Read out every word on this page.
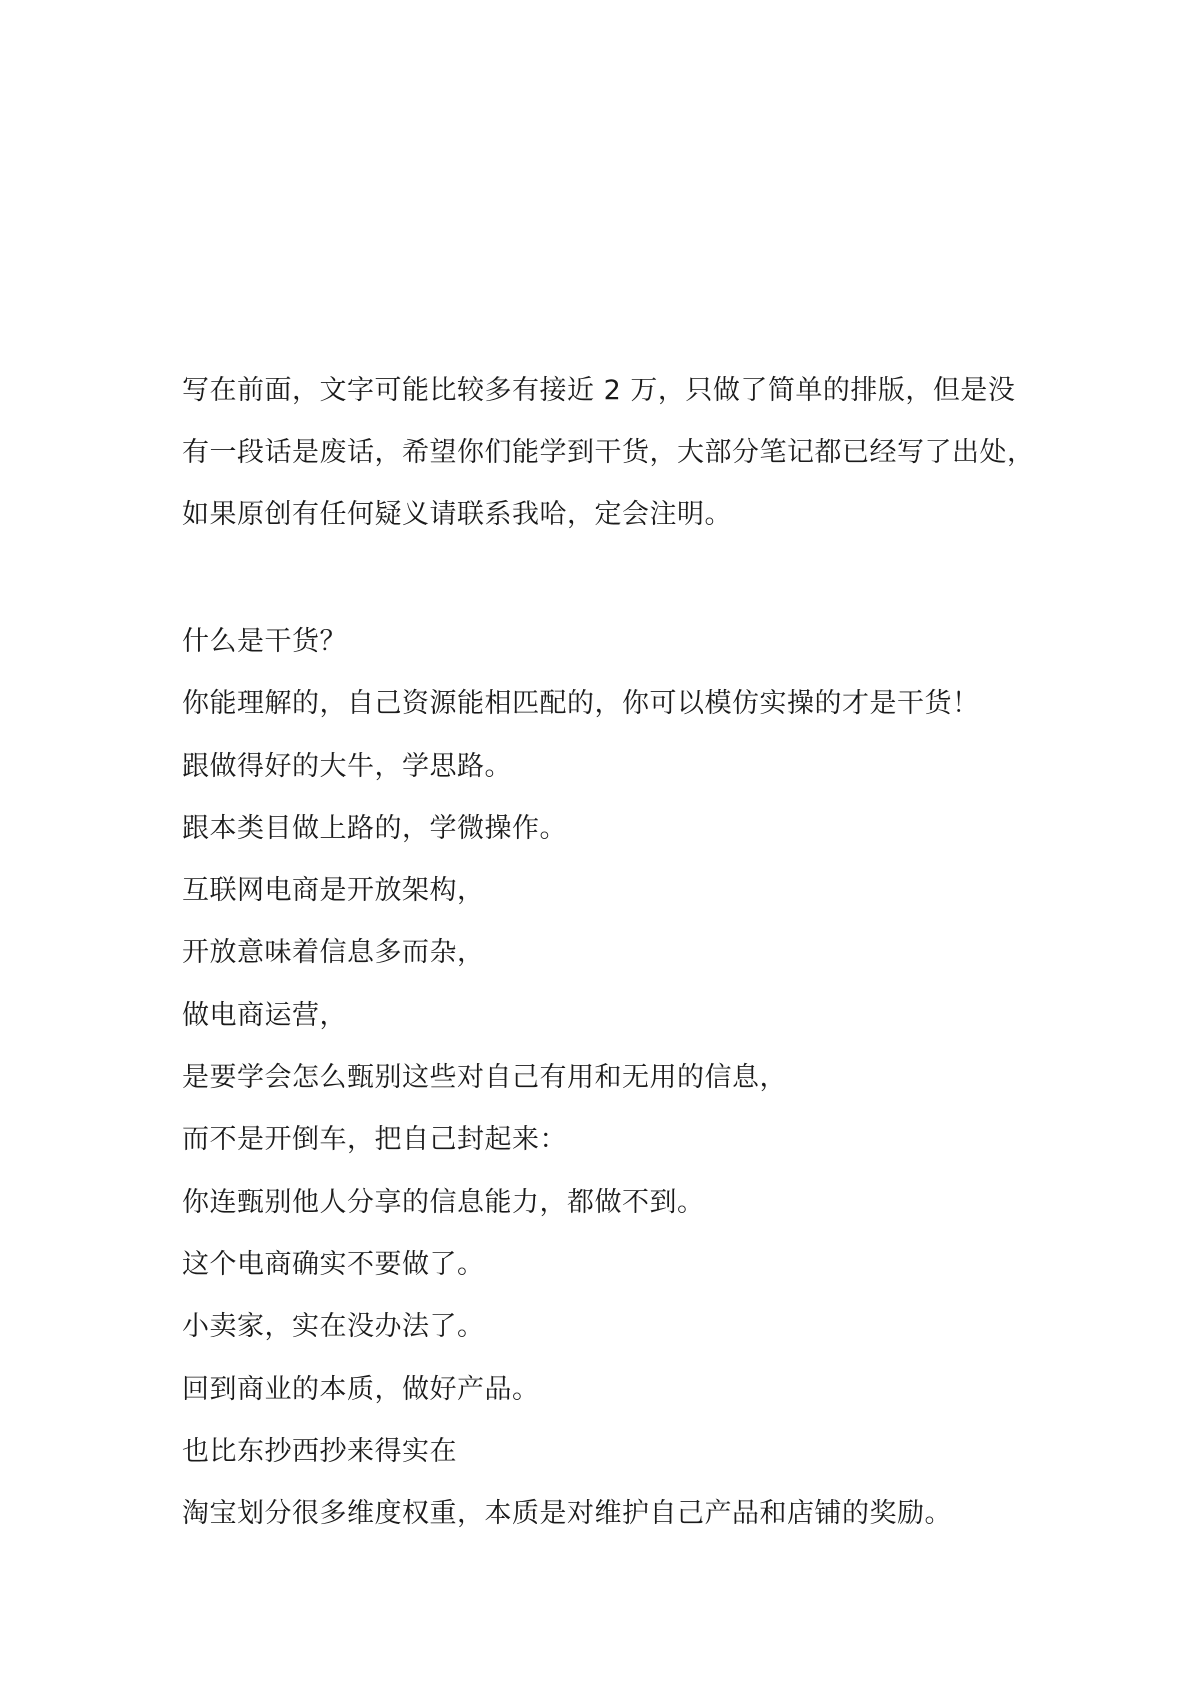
写在前面，文字可能比较多有接近 2 万，只做了简单的排版，但是没
有一段话是废话，希望你们能学到干货，大部分笔记都已经写了出处，
如果原创有任何疑义请联系我哈，定会注明。
什么是干货？
你能理解的，自己资源能相匹配的，你可以模仿实操的才是干货！
跟做得好的大牛，学思路。
跟本类目做上路的，学微操作。
互联网电商是开放架构，
开放意味着信息多而杂，
做电商运营，
是要学会怎么甄别这些对自己有用和无用的信息，
而不是开倒车，把自己封起来：
你连甄别他人分享的信息能力，都做不到。
这个电商确实不要做了。
小卖家，实在没办法了。
回到商业的本质，做好产品。
也比东抄西抄来得实在
淘宝划分很多维度权重，本质是对维护自己产品和店铺的奖励。
